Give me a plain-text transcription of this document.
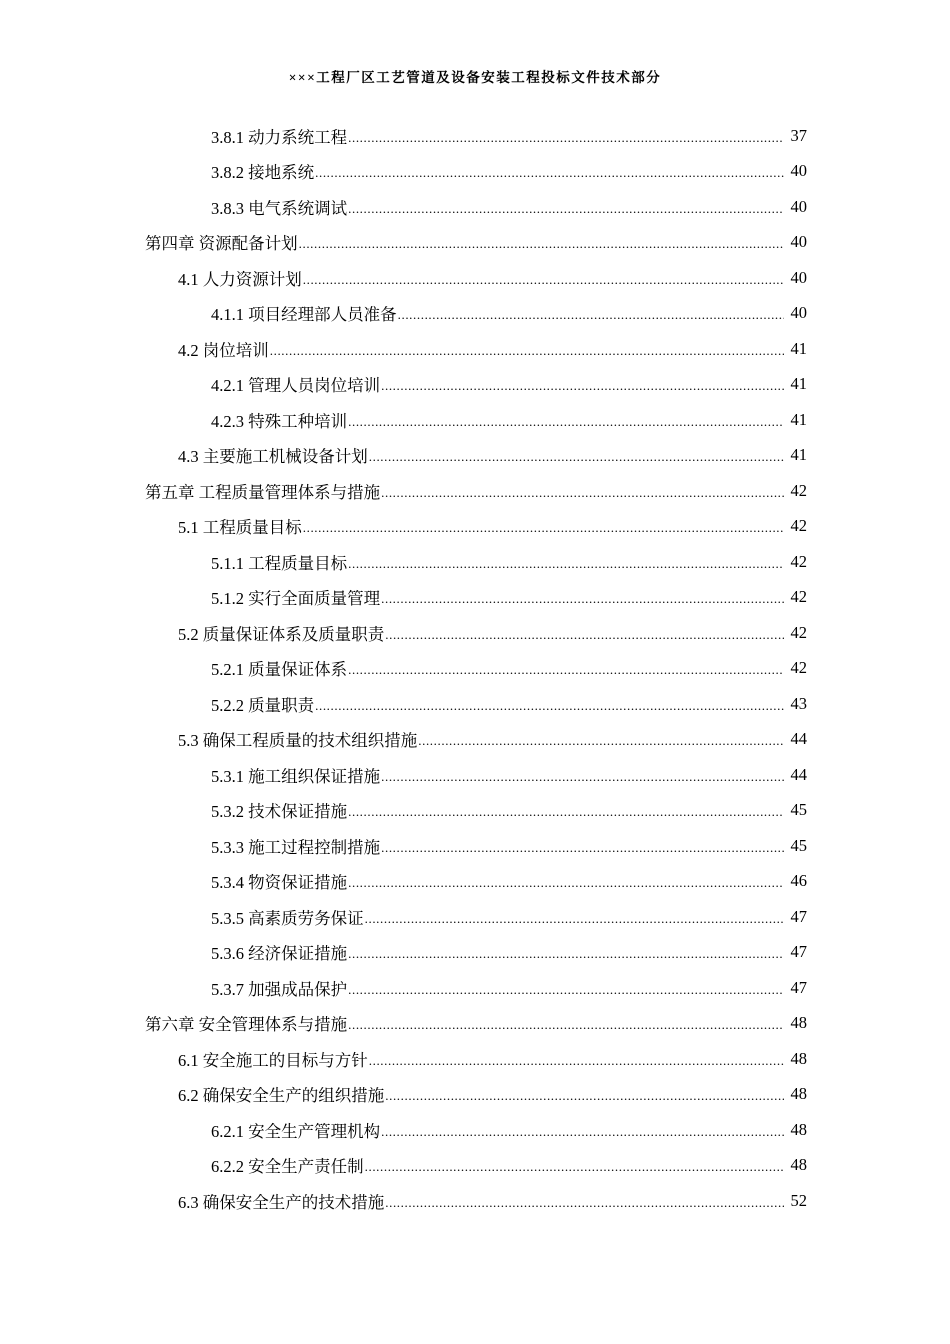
×××工程厂区工艺管道及设备安装工程投标文件技术部分
3.8.1 动力系统工程 .....	37
3.8.2 接地系统 .....	40
3.8.3 电气系统调试 .....	40
第四章 资源配备计划 .....	40
4.1 人力资源计划 .....	40
4.1.1 项目经理部人员准备 .....	40
4.2 岗位培训 .....	41
4.2.1 管理人员岗位培训 .....	41
4.2.3 特殊工种培训 .....	41
4.3 主要施工机械设备计划 .....	41
第五章 工程质量管理体系与措施 .....	42
5.1 工程质量目标 .....	42
5.1.1 工程质量目标 .....	42
5.1.2 实行全面质量管理 .....	42
5.2 质量保证体系及质量职责 .....	42
5.2.1 质量保证体系 .....	42
5.2.2 质量职责 .....	43
5.3 确保工程质量的技术组织措施 .....	44
5.3.1 施工组织保证措施 .....	44
5.3.2 技术保证措施 .....	45
5.3.3 施工过程控制措施 .....	45
5.3.4 物资保证措施 .....	46
5.3.5 高素质劳务保证 .....	47
5.3.6 经济保证措施 .....	47
5.3.7 加强成品保护 .....	47
第六章 安全管理体系与措施 .....	48
6.1 安全施工的目标与方针 .....	48
6.2 确保安全生产的组织措施 .....	48
6.2.1 安全生产管理机构 .....	48
6.2.2 安全生产责任制 .....	48
6.3 确保安全生产的技术措施 .....	52
